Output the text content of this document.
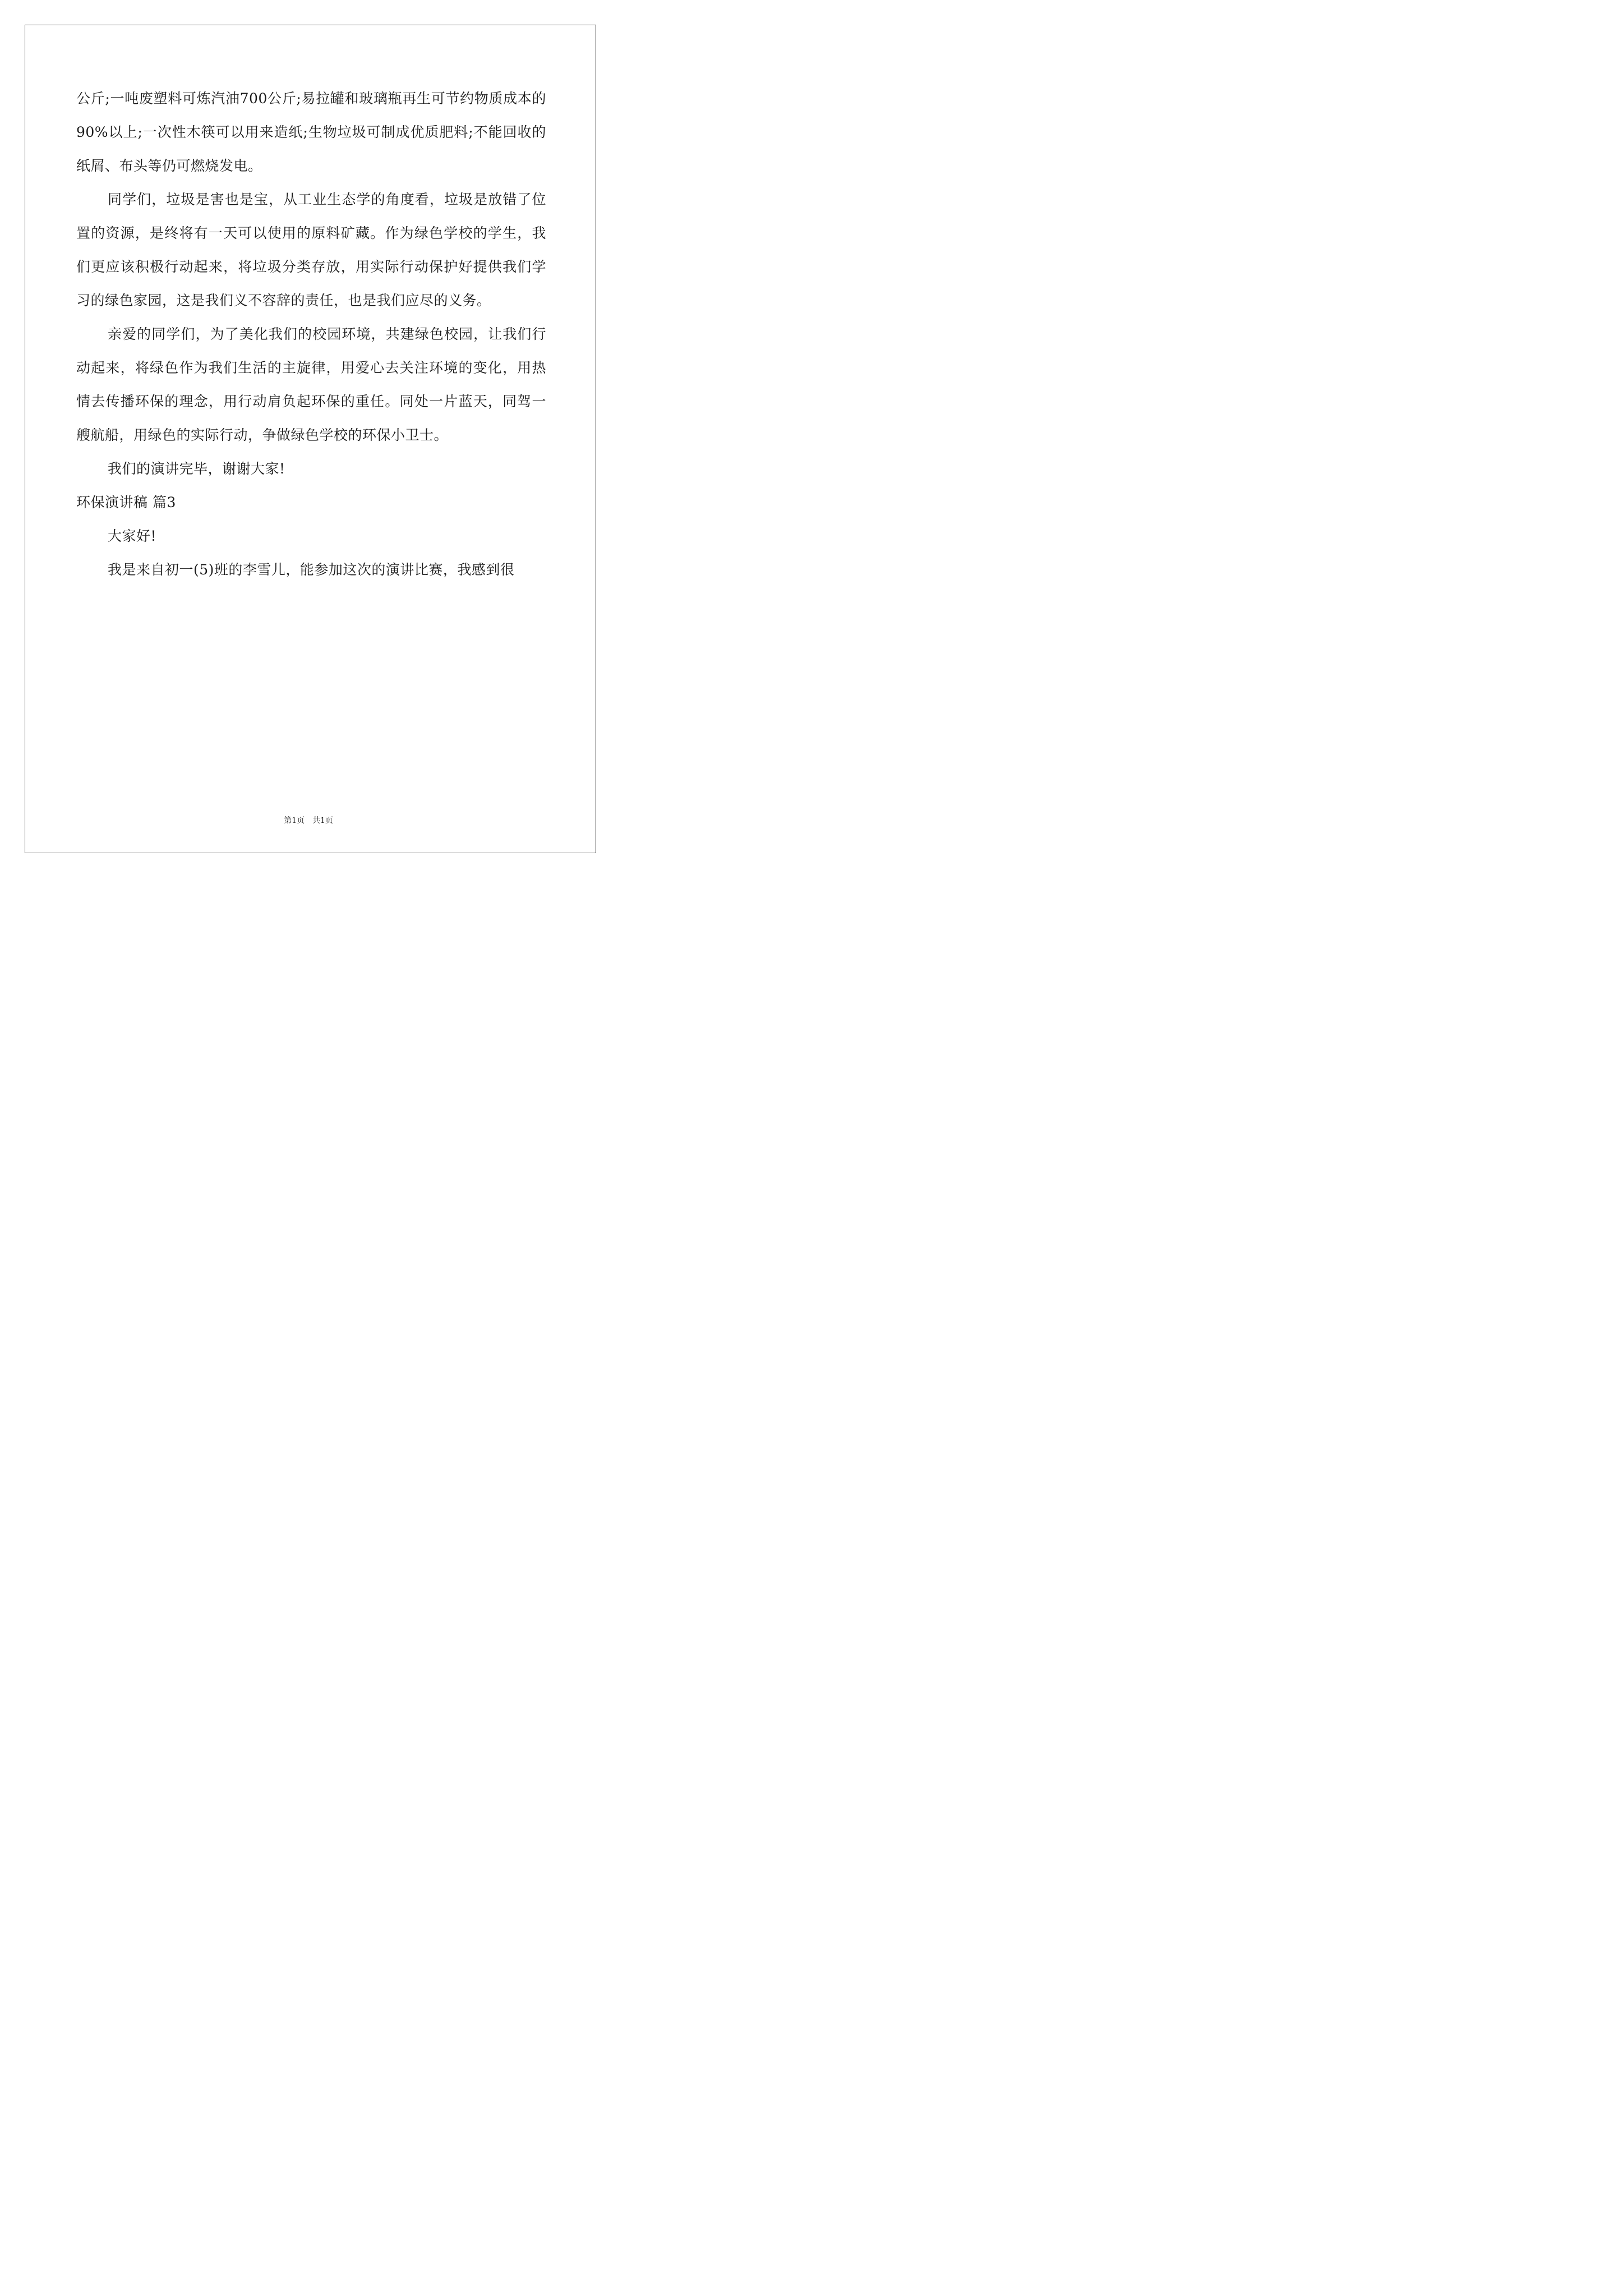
公斤;一吨废塑料可炼汽油700公斤;易拉罐和玻璃瓶再生可节约物质成本的90%以上;一次性木筷可以用来造纸;生物垃圾可制成优质肥料;不能回收的纸屑、布头等仍可燃烧发电。

同学们，垃圾是害也是宝，从工业生态学的角度看，垃圾是放错了位置的资源，是终将有一天可以使用的原料矿藏。作为绿色学校的学生，我们更应该积极行动起来，将垃圾分类存放，用实际行动保护好提供我们学习的绿色家园，这是我们义不容辞的责任，也是我们应尽的义务。

亲爱的同学们，为了美化我们的校园环境，共建绿色校园，让我们行动起来，将绿色作为我们生活的主旋律，用爱心去关注环境的变化，用热情去传播环保的理念，用行动肩负起环保的重任。同处一片蓝天，同驾一艘航船，用绿色的实际行动，争做绿色学校的环保小卫士。

我们的演讲完毕，谢谢大家!

环保演讲稿 篇3

大家好!

我是来自初一(5)班的李雪儿，能参加这次的演讲比赛，我感到很

第1页 共1页
